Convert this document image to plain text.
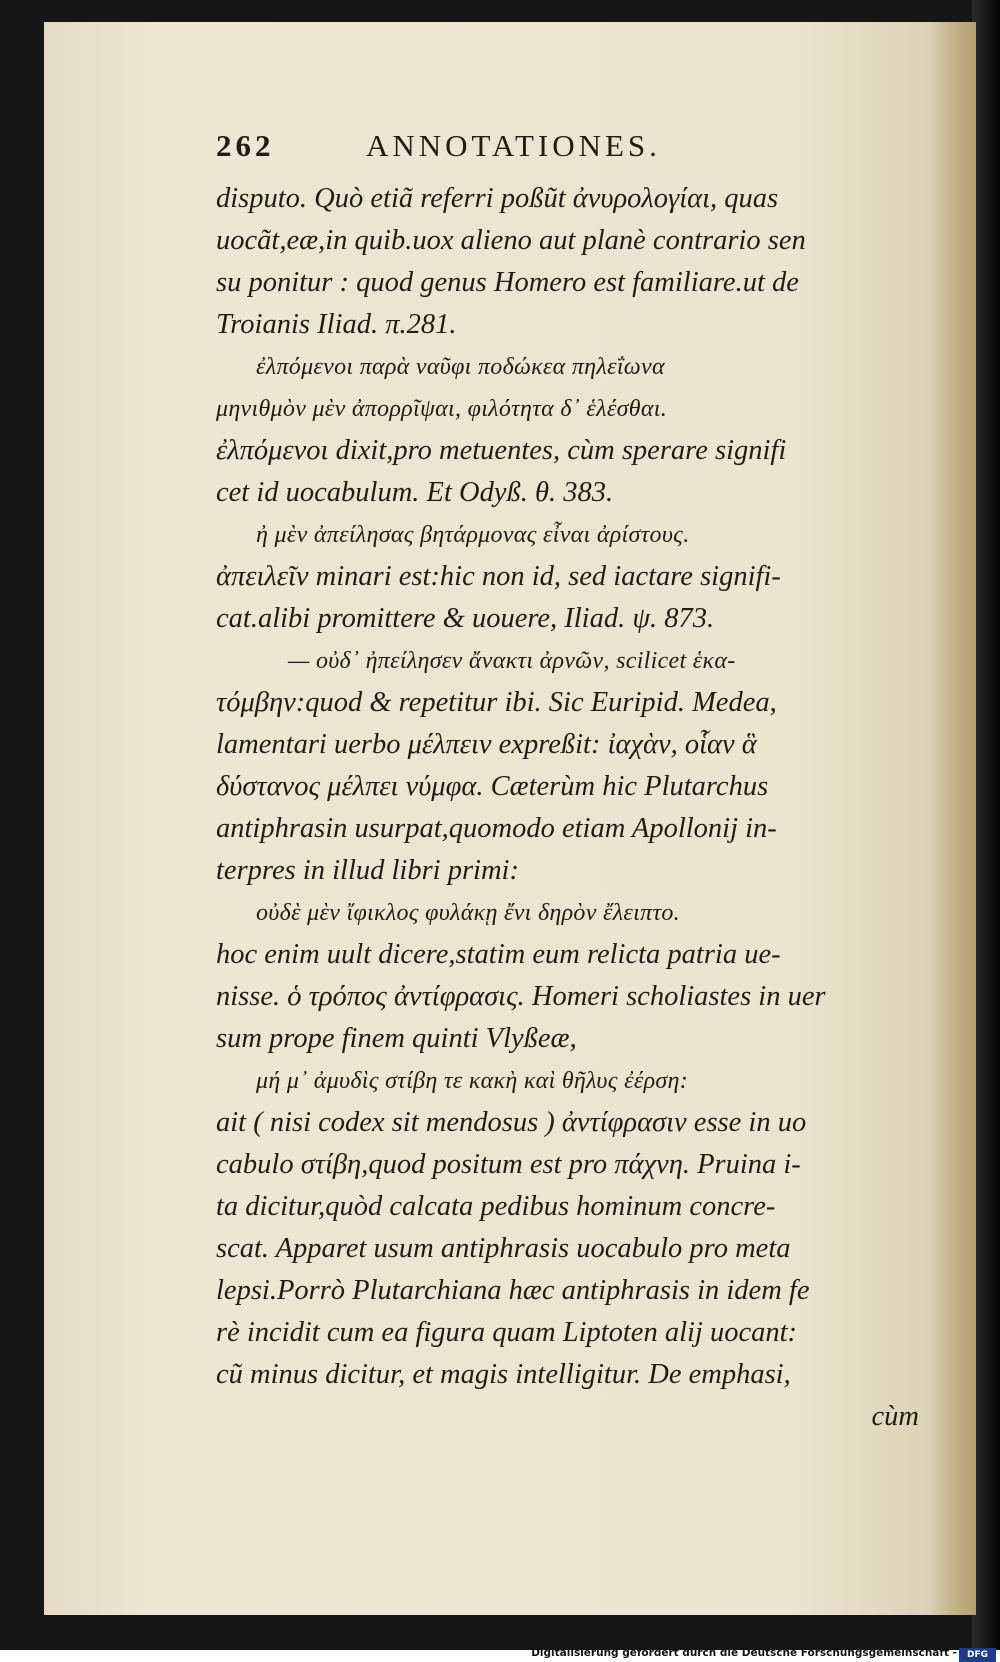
262	ANNOTATIONES.
disputo. Quò etiã referri poßũt ἀνυρολογίαι, quas
uocãt,eæ,in quib.uox alieno aut planè contrario sen
su ponitur : quod genus Homero est familiare.ut de
Troianis Iliad. π.281.
ἐλπόμενοι παρὰ ναῦφι ποδώκεα πηλεΐωνα
μηνιθμὸν μὲν ἀπορρῖψαι, φιλότητα δ᾽ ἑλέσθαι.
ἐλπόμενοι dixit,pro metuentes, cùm sperare signifi
cet id uocabulum. Et Odyß. θ. 383.
ἠ μὲν ἀπείλησας βητάρμονας εἶναι ἀρίστους.
ἀπειλεῖν minari est:hic non id, sed iactare signifi-
cat.alibi promittere & uouere, Iliad. ψ. 873.
— οὐδ᾽ ἠπείλησεν ἄνακτι ἀρνῶν, scilicet ἑκα-
τόμβην:quod & repetitur ibi. Sic Euripid. Medea,
lamentari uerbo μέλπειν expreßit: ἰαχὰν, οἷαν ἃ
δύστανος μέλπει νύμφα. Cæterùm hic Plutarchus
antiphrasin usurpat,quomodo etiam Apollonij in-
terpres in illud libri primi:
οὐδὲ μὲν ἴφικλος φυλάκῃ ἔνι δηρὸν ἔλειπτο.
hoc enim uult dicere,statim eum relicta patria ue-
nisse. ὁ τρόπος ἀντίφρασις. Homeri scholiastes in uer
sum prope finem quinti Vlyßeæ,
μή μ᾽ ἀμυδὶς στίβη τε κακὴ καὶ θῆλυς ἐέρση:
ait ( nisi codex sit mendosus ) ἀντίφρασιν esse in uo
cabulo στίβη,quod positum est pro πάχνη. Pruina i-
ta dicitur,quòd calcata pedibus hominum concre-
scat. Apparet usum antiphrasis uocabulo pro meta
lepsi.Porrò Plutarchiana hæc antiphrasis in idem fe
rè incidit cum ea figura quam Liptoten alij uocant:
cũ minus dicitur, et magis intelligitur. De emphasi,
cùm
Digitalisierung gefördert durch die Deutsche Forschungsgemeinschaft -	DFG
